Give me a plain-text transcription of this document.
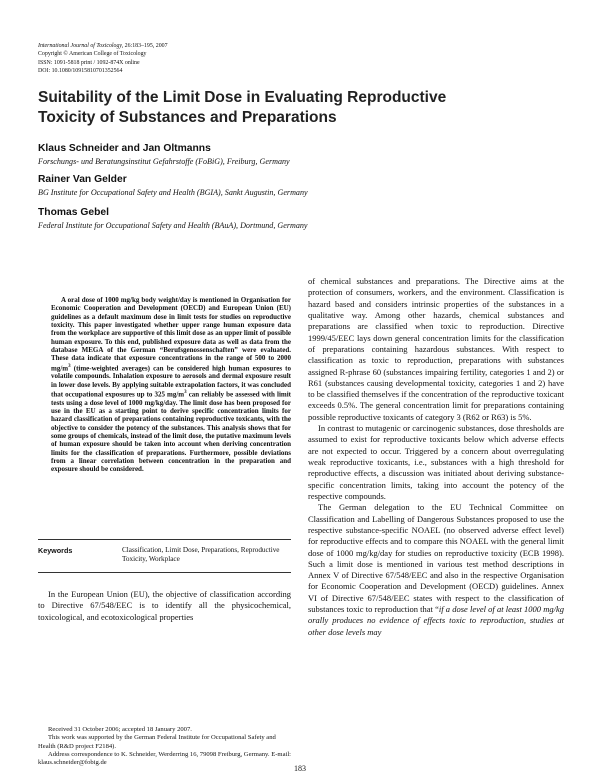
International Journal of Toxicology, 26:183–195, 2007
Copyright © American College of Toxicology
ISSN: 1091-5818 print / 1092-874X online
DOI: 10.1080/10915810701352564
Suitability of the Limit Dose in Evaluating Reproductive
Toxicity of Substances and Preparations
Klaus Schneider and Jan Oltmanns
Forschungs- und Beratungsinstitut Gefahrstoffe (FoBiG), Freiburg, Germany
Rainer Van Gelder
BG Institute for Occupational Safety and Health (BGIA), Sankt Augustin, Germany
Thomas Gebel
Federal Institute for Occupational Safety and Health (BAuA), Dortmund, Germany
A oral dose of 1000 mg/kg body weight/day is mentioned in Organisation for Economic Cooperation and Development (OECD) and European Union (EU) guidelines as a default maximum dose in limit tests for studies on reproductive toxicity. This paper investigated whether upper range human exposure data from the workplace are supportive of this limit dose as an upper limit of possible human exposure. To this end, published exposure data as well as data from the database MEGA of the German “Berufsgenossenschaften” were evaluated. These data indicate that exposure concentrations in the range of 500 to 2000 $mg/m^3$ (time-weighted averages) can be considered high human exposures to volatile compounds. Inhalation exposure to aerosols and dermal exposure result in lower dose levels. By applying suitable extrapolation factors, it was concluded that occupational exposures up to 325 $mg/m^3$ can reliably be assessed with limit tests using a dose level of 1000 mg/kg/day. The limit dose has been proposed for use in the EU as a starting point to derive specific concentration limits for hazard classification of preparations containing reproductive toxicants, with the objective to consider the potency of the substances. This analysis shows that for some groups of chemicals, instead of the limit dose, the putative maximum levels of human exposure should be taken into account when deriving concentration limits for the classification of preparations. Furthermore, possible deviations from a linear correlation between concentration in the preparation and exposure should be considered.
Keywords	Classification, Limit Dose, Preparations, Reproductive Toxicity, Workplace

In the European Union (EU), the objective of classification according to Directive 67/548/EEC is to identify all the physicochemical, toxicological, and ecotoxicological properties

Received 31 October 2006; accepted 18 January 2007.

This work was supported by the German Federal Institute for Occupational Safety and Health (R&D project F2184).

Address correspondence to K. Schneider, Werderring 16, 79098 Freiburg, Germany. E-mail: klaus.schneider@fobig.de

of chemical substances and preparations. The Directive aims at the protection of consumers, workers, and the environment. Classification is hazard based and considers intrinsic properties of the substances in a qualitative way. Among other hazards, chemical substances and preparations are classified when toxic to reproduction. Directive 1999/45/EEC lays down general concentration limits for the classification of preparations containing hazardous substances. With respect to classification as toxic to reproduction, preparations with substances assigned R-phrase 60 (substances impairing fertility, categories 1 and 2) or R61 (substances causing developmental toxicity, categories 1 and 2) have to be classified themselves if the concentration of the reproductive toxicant exceeds 0.5%. The general concentration limit for preparations containing possible reproductive toxicants of category 3 (R62 or R63) is 5%.

In contrast to mutagenic or carcinogenic substances, dose thresholds are assumed to exist for reproductive toxicants below which adverse effects are not expected to occur. Triggered by a concern about overregulating weak reproductive toxicants, i.e., substances with a high threshold for reproductive effects, a discussion was initiated about deriving substance-specific concentration limits, taking into account the potency of the respective compounds.

The German delegation to the EU Technical Committee on Classification and Labelling of Dangerous Substances proposed to use the respective substance-specific NOAEL (no observed adverse effect level) for reproductive effects and to compare this NOAEL with the general limit dose of 1000 mg/kg/day for studies on reproductive toxicity (ECB 1998). Such a limit dose is mentioned in various test method descriptions in Annex V of Directive 67/548/EEC and also in the respective Organisation for Economic Cooperation and Development (OECD) guidelines. Annex VI of Directive 67/548/EEC states with respect to the classification of substances toxic to reproduction that “if a dose level of at least 1000 mg/kg orally produces no evidence of effects toxic to reproduction, studies at other dose levels may

183
